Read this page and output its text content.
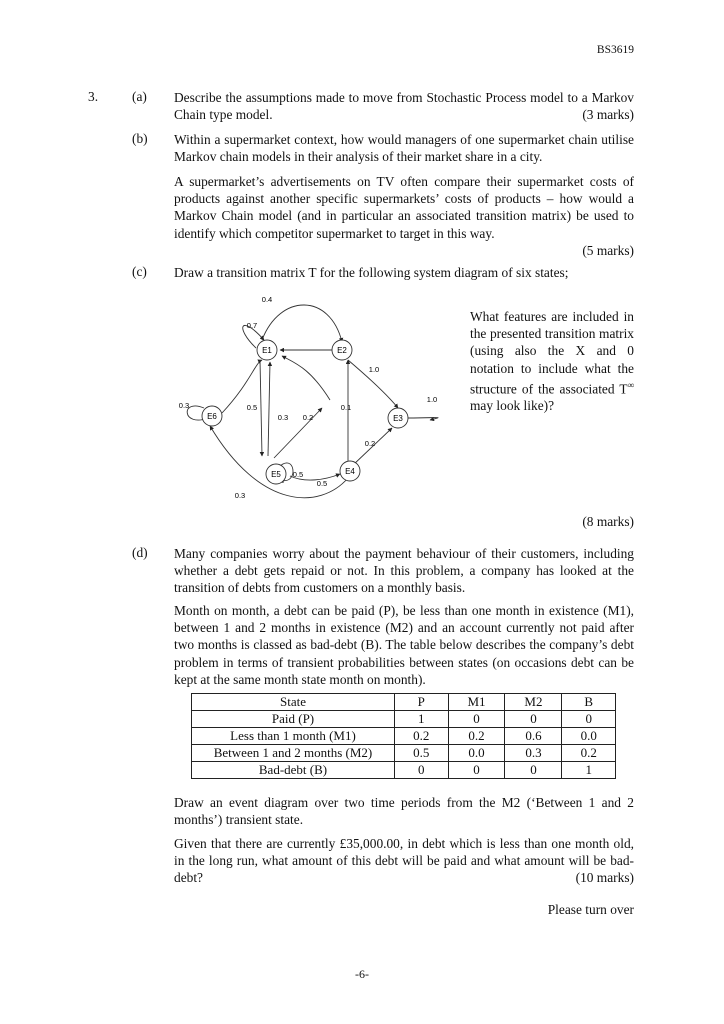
BS3619
3.	(a) Describe the assumptions made to move from Stochastic Process model to a Markov Chain type model.	(3 marks)
(b) Within a supermarket context, how would managers of one supermarket chain utilise Markov chain models in their analysis of their market share in a city.
A supermarket’s advertisements on TV often compare their supermarket costs of products against another specific supermarkets’ costs of products – how would a Markov Chain model (and in particular an associated transition matrix) be used to identify which competitor supermarket to target in this way.

(5 marks)
(c) Draw a transition matrix T for the following system diagram of six states;
E1	E2
E3
E4
E5
E6
0.4
0.7
1.0
0.3	0.5
0.3 0.2
0.1
1.0
0.2
0.5
0.5
0.3
What features are included in the presented transition matrix (using also the X and 0 notation to include what the structure of the associated T∞ may look like)?
(8 marks)
(d) Many companies worry about the payment behaviour of their customers, including whether a debt gets repaid or not. In this problem, a company has looked at the transition of debts from customers on a monthly basis.
Month on month, a debt can be paid (P), be less than one month in existence (M1), between 1 and 2 months in existence (M2) and an account currently not paid after two months is classed as bad-debt (B). The table below describes the company’s debt problem in terms of transient probabilities between states (on occasions debt can be kept at the same month state month on month).
State	P	M1	M2	B
Paid (P)	1	0	0	0
Less than 1 month (M1)	0.2	0.2	0.6	0.0
Between 1 and 2 months (M2)	0.5	0.0	0.3	0.2
Bad-debt (B)	0	0	0	1
Draw an event diagram over two time periods from the M2 (‘Between 1 and 2 months’) transient state.
Given that there are currently £35,000.00, in debt which is less than one month old, in the long run, what amount of this debt will be paid and what amount will be bad-debt?	(10 marks)
Please turn over
-6-
